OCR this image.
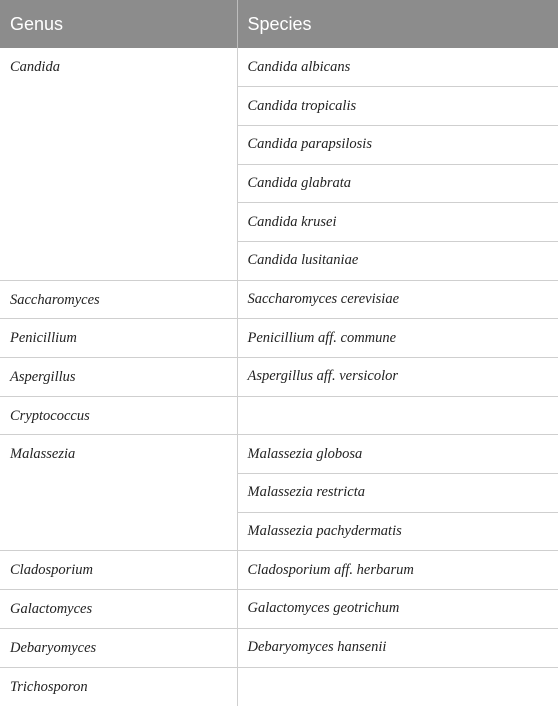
Genus	Species
Candida	Candida albicans
	Candida tropicalis
	Candida parapsilosis
	Candida glabrata
	Candida krusei
	Candida lusitaniae
Saccharomyces	Saccharomyces cerevisiae
Penicillium	Penicillium aff. commune
Aspergillus	Aspergillus aff. versicolor
Cryptococcus	
Malassezia	Malassezia globosa
	Malassezia restricta
	Malassezia pachydermatis
Cladosporium	Cladosporium aff. herbarum
Galactomyces	Galactomyces geotrichum
Debaryomyces	Debaryomyces hansenii
Trichosporon	
